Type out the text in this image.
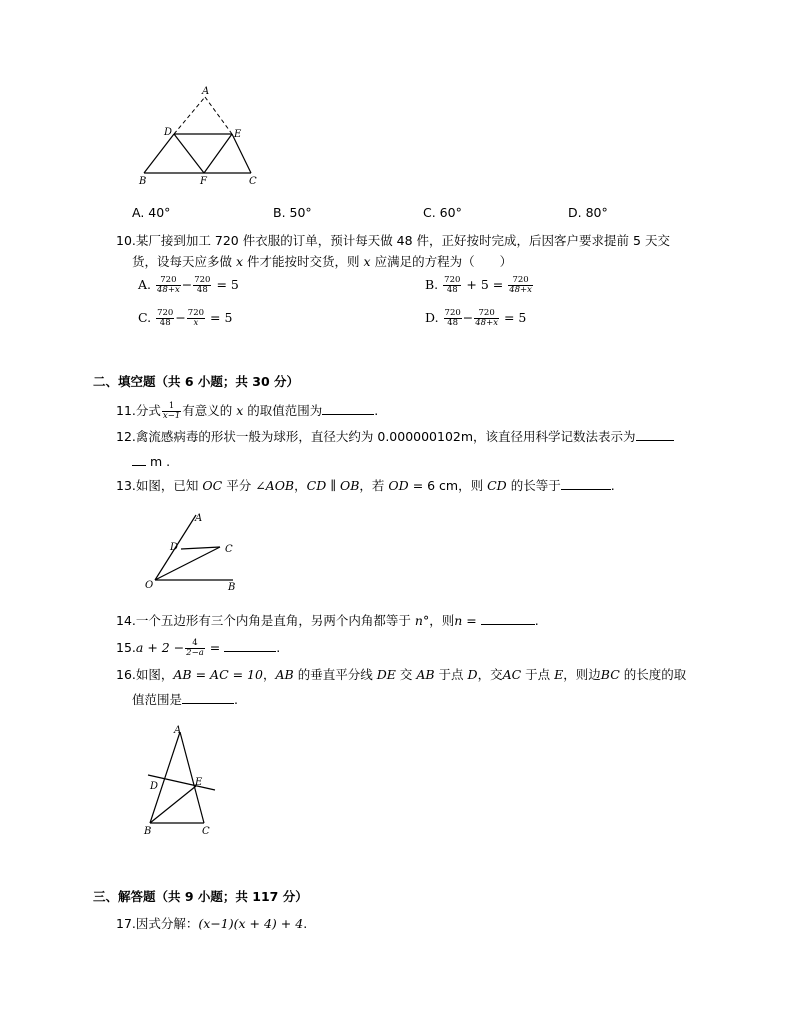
A
D	E
B	F	C
A. 40°	B. 50°	C. 60°	D. 80°
10.某厂接到加工 720 件衣服的订单，预计每天做 48 件，正好按时完成，后因客户要求提前 5 天交
货，设每天应多做 x 件才能按时交货，则 x 应满足的方程为（　　）
A. $\frac{720}{48+x} - \frac{720}{48} = 5$	B. $\frac{720}{48} + 5 = \frac{720}{48+x}$
C. $\frac{720}{48} - \frac{720}{x} = 5$	D. $\frac{720}{48} - \frac{720}{48+x} = 5$
二、填空题（共 6 小题；共 30 分）
11.分式 $\frac{1}{x-1}$ 有意义的 x 的取值范围为	.
12.禽流感病毒的形状一般为球形，直径大约为 0.000000102m，该直径用科学记数法表示为
m .
13.如图，已知 OC 平分 ∠AOB，CD ∥ OB，若 OD = 6 cm，则 CD 的长等于	.
A
D	C
O	B
14.一个五边形有三个内角是直角，另两个内角都等于 n°，则n =	.
$15.a + 2 - \frac{4}{2-a}$ =	.
16.如图，AB = AC = 10，AB 的垂直平分线 DE 交 AB 于点 D，交AC 于点 E，则边BC 的长度的取
值范围是	.
A
D	E
B	C
三、解答题（共 9 小题；共 117 分）
17.因式分解：(x−1)(x + 4) + 4.
